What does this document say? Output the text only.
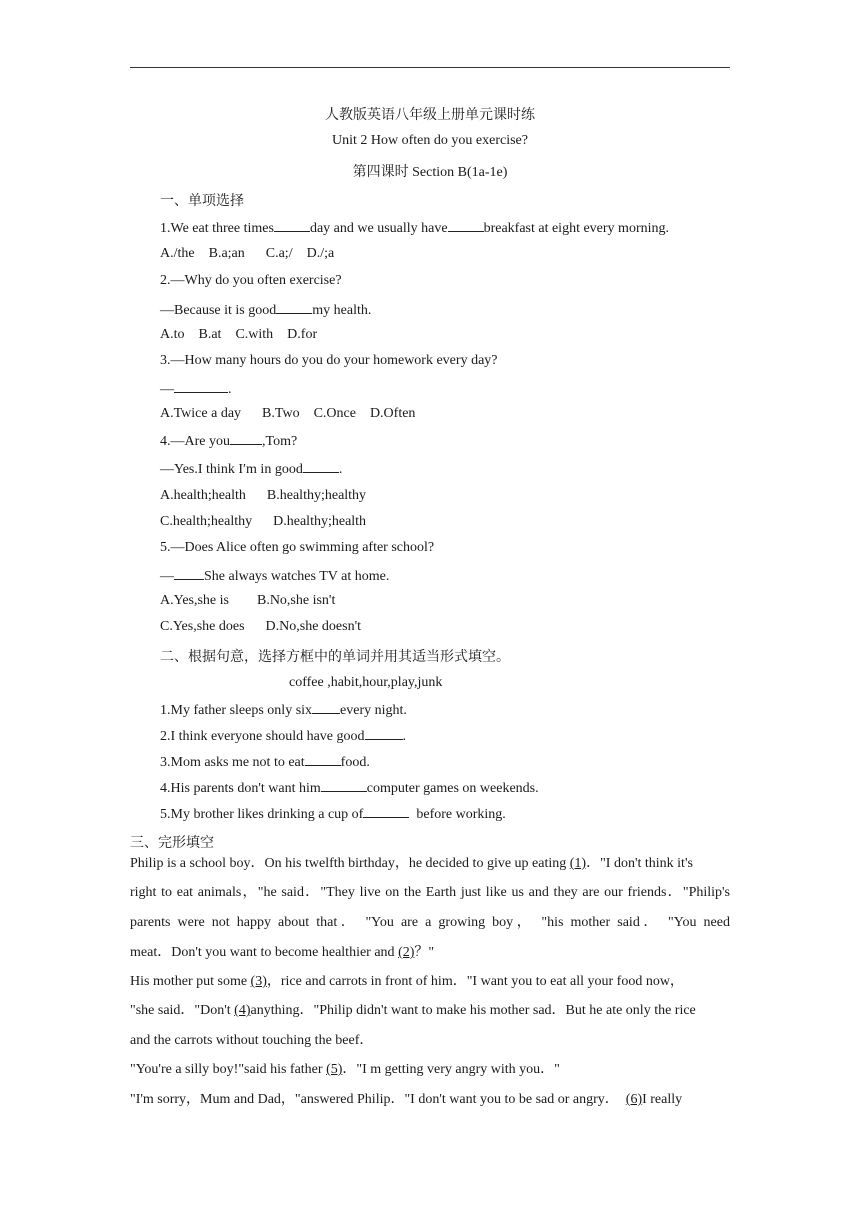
人教版英语八年级上册单元课时练
Unit 2 How often do you exercise?
第四课时 Section B(1a-1e)
一、单项选择
1.We eat three times	day and we usually have	breakfast at eight every morning.
A./the    B.a;an      C.a;/    D./;a
2.—Why do you often exercise?
—Because it is good	my health.
A.to    B.at    C.with    D.for
3.—How many hours do you do your homework every day?
—	.
A.Twice a day      B.Two    C.Once    D.Often
4.—Are you ,Tom?
—Yes.I think I′m in good	.
A.health;health      B.healthy;healthy
C.health;healthy      D.healthy;health
5.—Does Alice often go swimming after school?
— She always watches TV at home.
A.Yes,she is        B.No,she isn't
C.Yes,she does      D.No,she doesn't
二、根据句意，选择方框中的单词并用其适当形式填空。
coffee ,habit,hour,play,junk
1.My father sleeps only six every night.
2.I think everyone should have good	.
3.Mom asks me not to eat	food.
4.His parents don't want him	computer games on weekends.
5.My brother likes drinking a cup of	before working.
三、完形填空
Philip is a school boy．On his twelfth birthday，he decided to give up eating (1)．"I don't think it's
right to eat animals，"he said．"They live on the Earth just like us and they are our friends．"Philip's
parents were not happy about that． "You are a growing boy， "his mother said． "You need
meat．Don't you want to become healthier and (2)？"
His mother put some (3)，rice and carrots in front of him．"I want you to eat all your food now，
"she said．"Don't (4)anything．"Philip didn't want to make his mother sad．But he ate only the rice
and the carrots without touching the beef．
"You're a silly boy!"said his father (5)．"I m getting very angry with you．"
"I'm sorry，Mum and Dad，"answered Philip．"I don't want you to be sad or angry．  (6)I really
